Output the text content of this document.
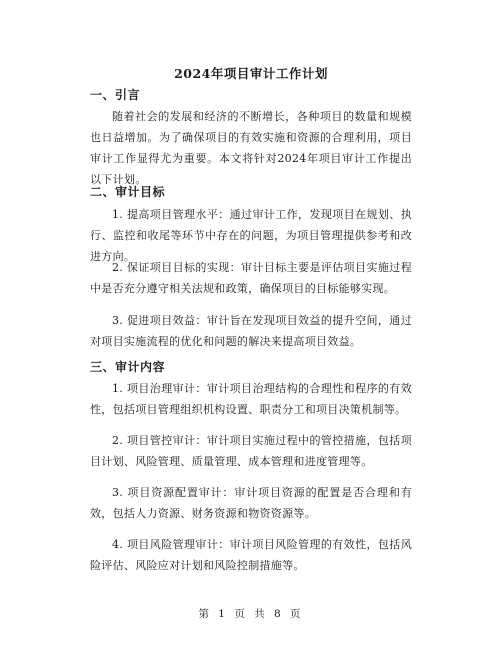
2024年项目审计工作计划
一、引言
随着社会的发展和经济的不断增长，各种项目的数量和规模也日益增加。为了确保项目的有效实施和资源的合理利用，项目审计工作显得尤为重要。本文将针对2024年项目审计工作提出以下计划。
二、审计目标
1. 提高项目管理水平：通过审计工作，发现项目在规划、执行、监控和收尾等环节中存在的问题，为项目管理提供参考和改进方向。
2. 保证项目目标的实现：审计目标主要是评估项目实施过程中是否充分遵守相关法规和政策，确保项目的目标能够实现。
3. 促进项目效益：审计旨在发现项目效益的提升空间，通过对项目实施流程的优化和问题的解决来提高项目效益。
三、审计内容
1. 项目治理审计：审计项目治理结构的合理性和程序的有效性，包括项目管理组织机构设置、职责分工和项目决策机制等。
2. 项目管控审计：审计项目实施过程中的管控措施，包括项目计划、风险管理、质量管理、成本管理和进度管理等。
3. 项目资源配置审计：审计项目资源的配置是否合理和有效，包括人力资源、财务资源和物资资源等。
4. 项目风险管理审计：审计项目风险管理的有效性，包括风险评估、风险应对计划和风险控制措施等。
第 1 页 共 8 页
